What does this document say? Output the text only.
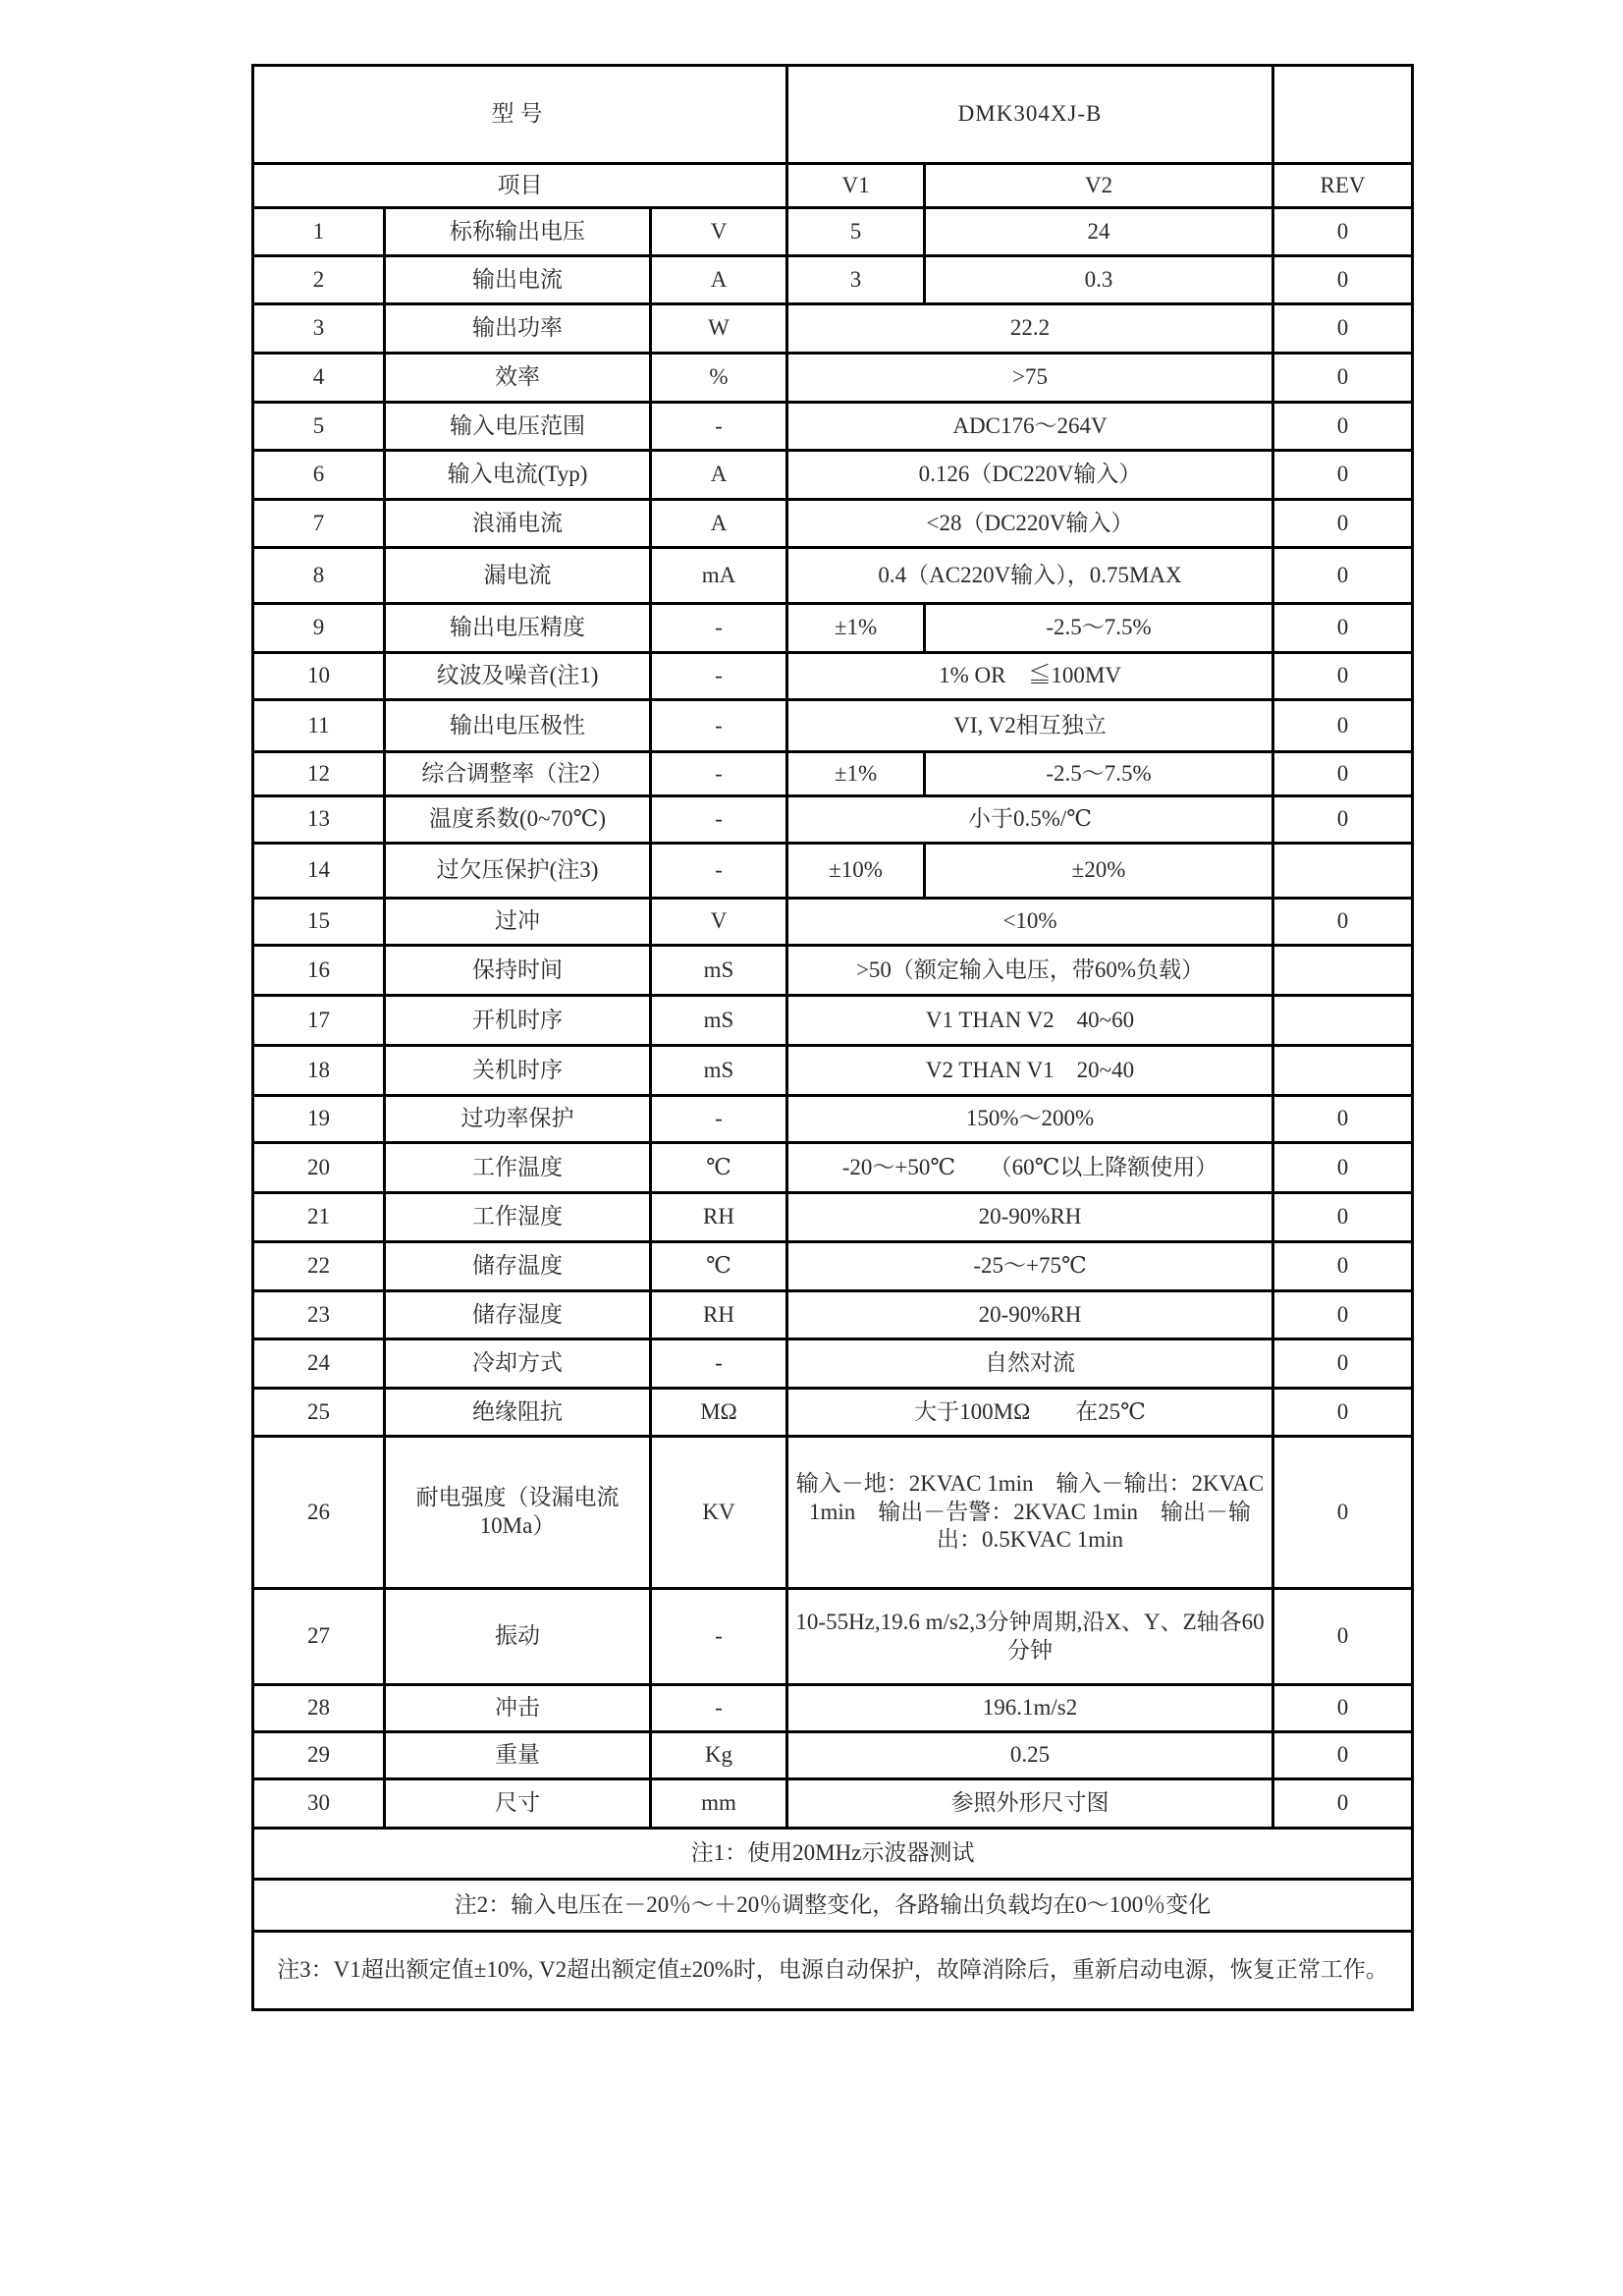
型号			DMK304XJ-B		
项目			V1	V2	REV
1	标称输出电压	V	5	24	0
2	输出电流	A	3	0.3	0
3	输出功率	W	22.2		0
4	效率	%	>75		0
5	输入电压范围	-	ADC176～264V		0
6	输入电流(Typ)	A	0.126（DC220V输入）		0
7	浪涌电流	A	<28（DC220V输入）		0
8	漏电流	mA	0.4（AC220V输入），0.75MAX		0
9	输出电压精度	-	±1%	-2.5～7.5%	0
10	纹波及噪音(注1)	-	1% OR　≦100MV		0
11	输出电压极性	-	VI, V2相互独立		0
12	综合调整率（注2）	-	±1%	-2.5～7.5%	0
13	温度系数(0~70℃)	-	小于0.5%/℃		0
14	过欠压保护(注3)	-	±10%	±20%	
15	过冲	V	<10%		0
16	保持时间	mS	>50（额定输入电压，带60%负载）		
17	开机时序	mS	V1 THAN V2　40~60		
18	关机时序	mS	V2 THAN V1　20~40		
19	过功率保护	-	150%～200%		0
20	工作温度	℃	-20～+50℃　　（60℃以上降额使用）		0
21	工作湿度	RH	20-90%RH		0
22	储存温度	℃	-25～+75℃		0
23	储存湿度	RH	20-90%RH		0
24	冷却方式	-	自然对流		0
25	绝缘阻抗	MΩ	大于100MΩ　　在25℃		0
26	耐电强度（设漏电流10Ma）	KV	输入－地：2KVAC 1min　输入－输出：2KVAC 1min　输出－告警：2KVAC 1min　输出－输出：0.5KVAC 1min		0
27	振动	-	10-55Hz,19.6 m/s2,3分钟周期,沿X、Y、Z轴各60分钟		0
28	冲击	-	196.1m/s2		0
29	重量	Kg	0.25		0
30	尺寸	mm	参照外形尺寸图		0
注1：使用20MHz示波器测试					
注2：输入电压在－20％～＋20％调整变化，各路输出负载均在0～100％变化					
注3：V1超出额定值±10%, V2超出额定值±20%时，电源自动保护，故障消除后，重新启动电源，恢复正常工作。					
